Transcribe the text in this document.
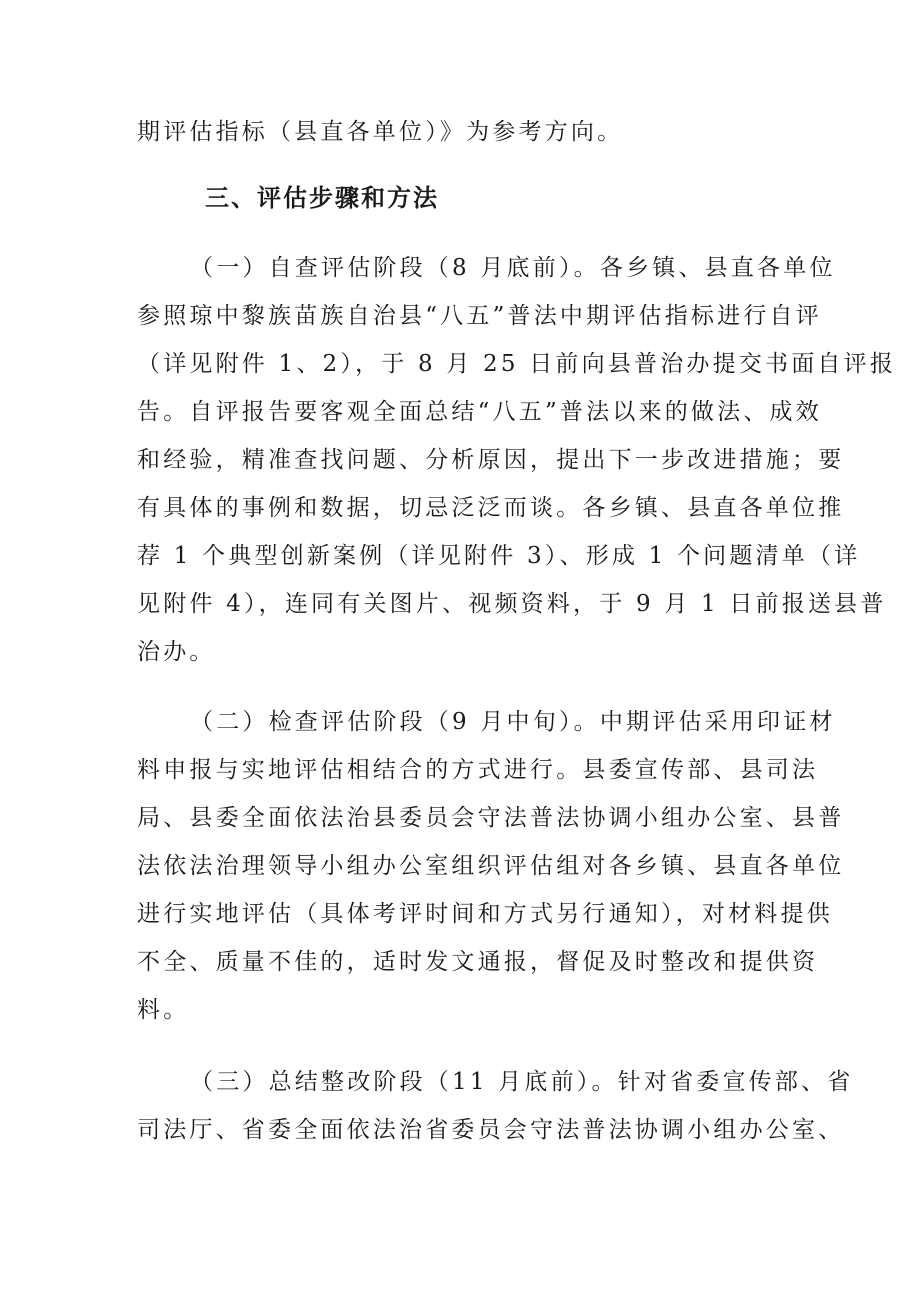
期评估指标（县直各单位）》为参考方向。
三、评估步骤和方法
（一）自查评估阶段（8 月底前）。各乡镇、县直各单位
参照琼中黎族苗族自治县“八五”普法中期评估指标进行自评
（详见附件 1、2），于 8 月 25 日前向县普治办提交书面自评报
告。自评报告要客观全面总结“八五”普法以来的做法、成效
和经验，精准查找问题、分析原因，提出下一步改进措施；要
有具体的事例和数据，切忌泛泛而谈。各乡镇、县直各单位推
荐 1 个典型创新案例（详见附件 3）、形成 1 个问题清单（详
见附件 4），连同有关图片、视频资料，于 9 月 1 日前报送县普
治办。
（二）检查评估阶段（9 月中旬）。中期评估采用印证材
料申报与实地评估相结合的方式进行。县委宣传部、县司法
局、县委全面依法治县委员会守法普法协调小组办公室、县普
法依法治理领导小组办公室组织评估组对各乡镇、县直各单位
进行实地评估（具体考评时间和方式另行通知），对材料提供
不全、质量不佳的，适时发文通报，督促及时整改和提供资
料。
（三）总结整改阶段（11 月底前）。针对省委宣传部、省
司法厅、省委全面依法治省委员会守法普法协调小组办公室、
